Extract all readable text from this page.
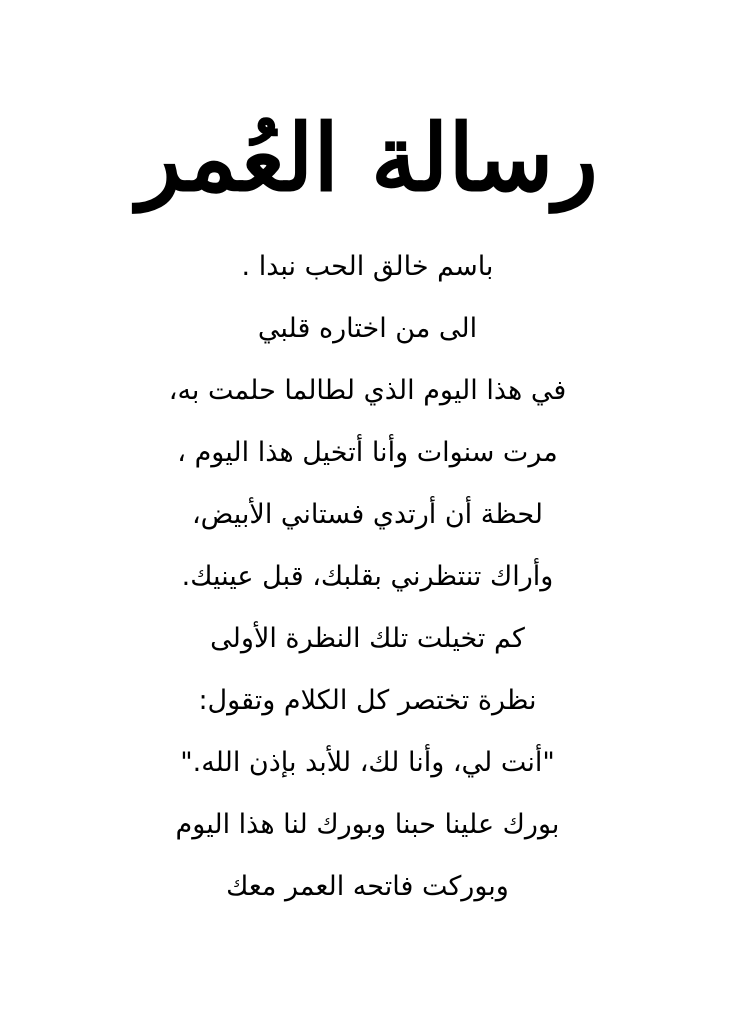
رسالة العُمر
باسم خالق الحب نبدا .
الى من اختاره قلبي
في هذا اليوم الذي لطالما حلمت به،
مرت سنوات وأنا أتخيل هذا اليوم ،
لحظة أن أرتدي فستاني الأبيض،
وأراك تنتظرني بقلبك، قبل عينيك.
كم تخيلت تلك النظرة الأولى
نظرة تختصر كل الكلام وتقول:
"أنت لي، وأنا لك، للأبد بإذن الله."
بورك علينا حبنا وبورك لنا هذا اليوم
وبوركت فاتحه العمر معك
